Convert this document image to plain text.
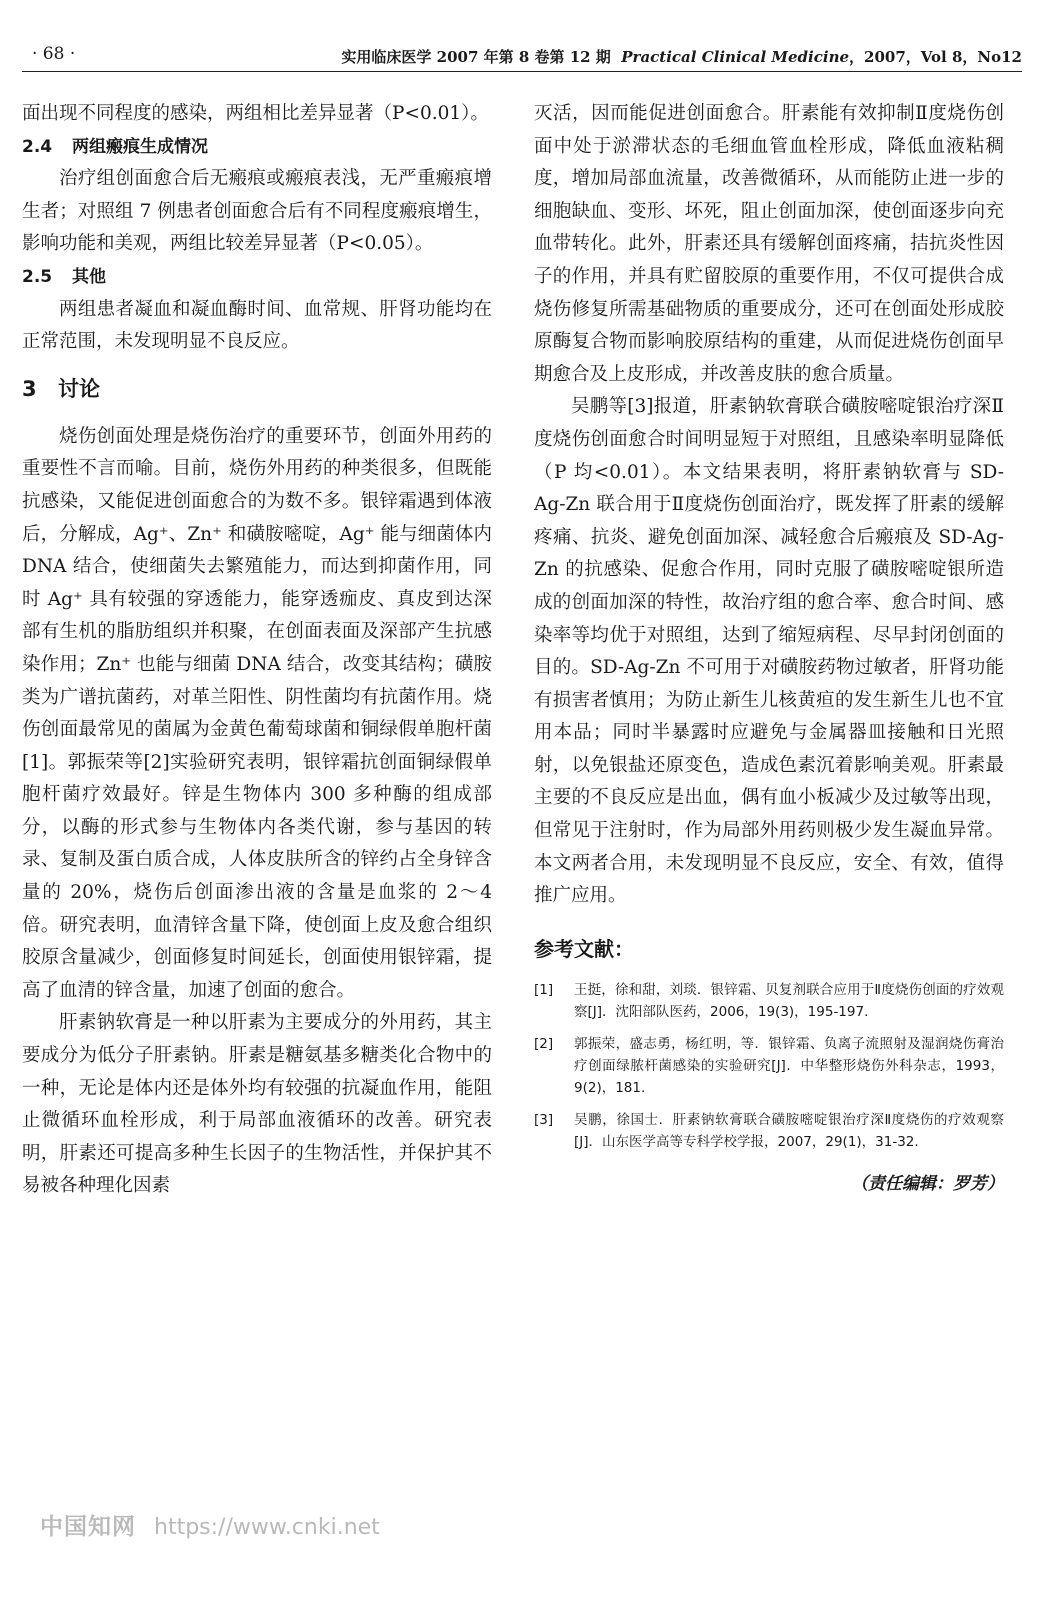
· 68 ·	实用临床医学 2007 年第 8 卷第 12 期 Practical Clinical Medicine，2007，Vol 8，No12

面出现不同程度的感染，两组相比差异显著（P<0.01）。

2.4 两组瘢痕生成情况

治疗组创面愈合后无瘢痕或瘢痕表浅，无严重瘢痕增生者；对照组 7 例患者创面愈合后有不同程度瘢痕增生，影响功能和美观，两组比较差异显著（P<0.05）。

2.5 其他

两组患者凝血和凝血酶时间、血常规、肝肾功能均在正常范围，未发现明显不良反应。

3 讨论

烧伤创面处理是烧伤治疗的重要环节，创面外用药的重要性不言而喻。目前，烧伤外用药的种类很多，但既能抗感染，又能促进创面愈合的为数不多。银锌霜遇到体液后，分解成，Ag⁺、Zn⁺ 和磺胺嘧啶，Ag⁺ 能与细菌体内 DNA 结合，使细菌失去繁殖能力，而达到抑菌作用，同时 Ag⁺ 具有较强的穿透能力，能穿透痂皮、真皮到达深部有生机的脂肪组织并积聚，在创面表面及深部产生抗感染作用；Zn⁺ 也能与细菌 DNA 结合，改变其结构；磺胺类为广谱抗菌药，对革兰阳性、阴性菌均有抗菌作用。烧伤创面最常见的菌属为金黄色葡萄球菌和铜绿假单胞杆菌[1]。郭振荣等[2]实验研究表明，银锌霜抗创面铜绿假单胞杆菌疗效最好。锌是生物体内 300 多种酶的组成部分，以酶的形式参与生物体内各类代谢，参与基因的转录、复制及蛋白质合成，人体皮肤所含的锌约占全身锌含量的 20%，烧伤后创面渗出液的含量是血浆的 2～4 倍。研究表明，血清锌含量下降，使创面上皮及愈合组织胶原含量减少，创面修复时间延长，创面使用银锌霜，提高了血清的锌含量，加速了创面的愈合。

肝素钠软膏是一种以肝素为主要成分的外用药，其主要成分为低分子肝素钠。肝素是糖氨基多糖类化合物中的一种，无论是体内还是体外均有较强的抗凝血作用，能阻止微循环血栓形成，利于局部血液循环的改善。研究表明，肝素还可提高多种生长因子的生物活性，并保护其不易被各种理化因素

灭活，因而能促进创面愈合。肝素能有效抑制Ⅱ度烧伤创面中处于淤滞状态的毛细血管血栓形成，降低血液粘稠度，增加局部血流量，改善微循环，从而能防止进一步的细胞缺血、变形、坏死，阻止创面加深，使创面逐步向充血带转化。此外，肝素还具有缓解创面疼痛，拮抗炎性因子的作用，并具有贮留胶原的重要作用，不仅可提供合成烧伤修复所需基础物质的重要成分，还可在创面处形成胶原酶复合物而影响胶原结构的重建，从而促进烧伤创面早期愈合及上皮形成，并改善皮肤的愈合质量。

吴鹏等[3]报道，肝素钠软膏联合磺胺嘧啶银治疗深Ⅱ度烧伤创面愈合时间明显短于对照组，且感染率明显降低（P 均<0.01）。本文结果表明，将肝素钠软膏与 SD-Ag-Zn 联合用于Ⅱ度烧伤创面治疗，既发挥了肝素的缓解疼痛、抗炎、避免创面加深、减轻愈合后瘢痕及 SD-Ag-Zn 的抗感染、促愈合作用，同时克服了磺胺嘧啶银所造成的创面加深的特性，故治疗组的愈合率、愈合时间、感染率等均优于对照组，达到了缩短病程、尽早封闭创面的目的。SD-Ag-Zn 不可用于对磺胺药物过敏者，肝肾功能有损害者慎用；为防止新生儿核黄疸的发生新生儿也不宜用本品；同时半暴露时应避免与金属器皿接触和日光照射，以免银盐还原变色，造成色素沉着影响美观。肝素最主要的不良反应是出血，偶有血小板减少及过敏等出现，但常见于注射时，作为局部外用药则极少发生凝血异常。本文两者合用，未发现明显不良反应，安全、有效，值得推广应用。

参考文献：
[1] 王挺，徐和甜，刘琰．银锌霜、贝复剂联合应用于Ⅱ度烧伤创面的疗效观察[J]．沈阳部队医药，2006，19(3)，195-197.
[2] 郭振荣，盛志勇，杨红明，等．银锌霜、负离子流照射及湿润烧伤膏治疗创面绿脓杆菌感染的实验研究[J]．中华整形烧伤外科杂志，1993，9(2)，181.
[3] 吴鹏，徐国士．肝素钠软膏联合磺胺嘧啶银治疗深Ⅱ度烧伤的疗效观察[J]．山东医学高等专科学校学报，2007，29(1)，31-32.
（责任编辑：罗芳）
中国知网 https://www.cnki.net
